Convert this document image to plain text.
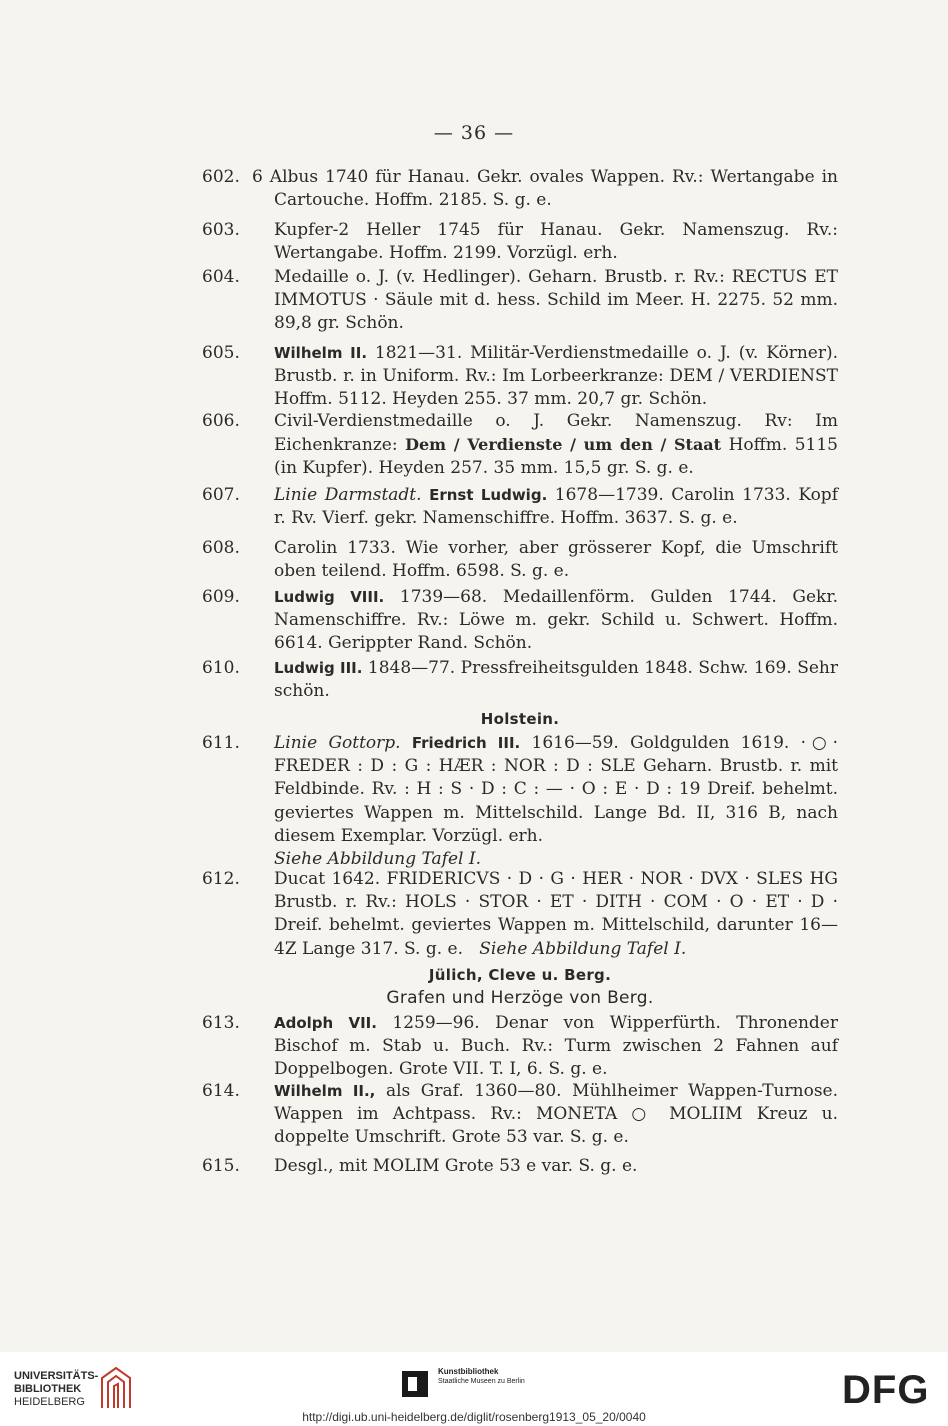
— 36 —
602. 6 Albus 1740 für Hanau. Gekr. ovales Wappen. Rv.: Wertangabe in Cartouche. Hoffm. 2185. S. g. e.
603.	Kupfer-2 Heller 1745 für Hanau. Gekr. Namenszug. Rv.: Wertangabe. Hoffm. 2199. Vorzügl. erh.
604.	Medaille o. J. (v. Hedlinger). Geharn. Brustb. r. Rv.: RECTUS ET IMMOTUS · Säule mit d. hess. Schild im Meer. H. 2275. 52 mm. 89,8 gr. Schön.
605.	Wilhelm II. 1821—31. Militär-Verdienstmedaille o. J. (v. Körner). Brustb. r. in Uniform. Rv.: Im Lorbeerkranze: DEM / VERDIENST Hoffm. 5112. Heyden 255. 37 mm. 20,7 gr. Schön.
606.	Civil-Verdienstmedaille o. J. Gekr. Namenszug. Rv: Im Eichenkranze: Dem / Verdienste / um den / Staat Hoffm. 5115 (in Kupfer). Heyden 257. 35 mm. 15,5 gr. S. g. e.
607.	Linie Darmstadt. Ernst Ludwig. 1678—1739. Carolin 1733. Kopf r. Rv. Vierf. gekr. Namenschiffre. Hoffm. 3637. S. g. e.
608.	Carolin 1733. Wie vorher, aber grösserer Kopf, die Umschrift oben teilend. Hoffm. 6598. S. g. e.
609.	Ludwig VIII. 1739—68. Medaillenförm. Gulden 1744. Gekr. Namenschiffre. Rv.: Löwe m. gekr. Schild u. Schwert. Hoffm. 6614. Gerippter Rand. Schön.
610.	Ludwig III. 1848—77. Pressfreiheitsgulden 1848. Schw. 169. Sehr schön.
Holstein.
611.	Linie Gottorp. Friedrich III. 1616—59. Goldgulden 1619. ·○· FREDER : D : G : HÆR : NOR : D : SLE Geharn. Brustb. r. mit Feldbinde. Rv. : H : S · D : C : — · O : E · D : 19 Dreif. behelmt. geviertes Wappen m. Mittelschild. Lange Bd. II, 316 B, nach diesem Exemplar. Vorzügl. erh.
Siehe Abbildung Tafel I.
612.	Ducat 1642. FRIDERICVS · D · G · HER · NOR · DVX · SLES HG Brustb. r. Rv.: HOLS · STOR · ET · DITH · COM · O · ET · D · Dreif. behelmt. geviertes Wappen m. Mittelschild, darunter 16—4Z Lange 317. S. g. e. Siehe Abbildung Tafel I.
Jülich, Cleve u. Berg.
Grafen und Herzöge von Berg.
613.	Adolph VII. 1259—96. Denar von Wipperfürth. Thronender Bischof m. Stab u. Buch. Rv.: Turm zwischen 2 Fahnen auf Doppelbogen. Grote VII. T. I, 6. S. g. e.
614.	Wilhelm II., als Graf. 1360—80. Mühlheimer Wappen-Turnose. Wappen im Achtpass. Rv.: MONETA ○ MOLIIM Kreuz u. doppelte Umschrift. Grote 53 var. S. g. e.
615.	Desgl., mit MOLIM Grote 53 e var. S. g. e.
UNIVERSITÄTS-
BIBLIOTHEK
HEIDELBERG
Kunstbibliothek
Staatliche Museen zu Berlin	DFG
http://digi.ub.uni-heidelberg.de/diglit/rosenberg1913_05_20/0040
